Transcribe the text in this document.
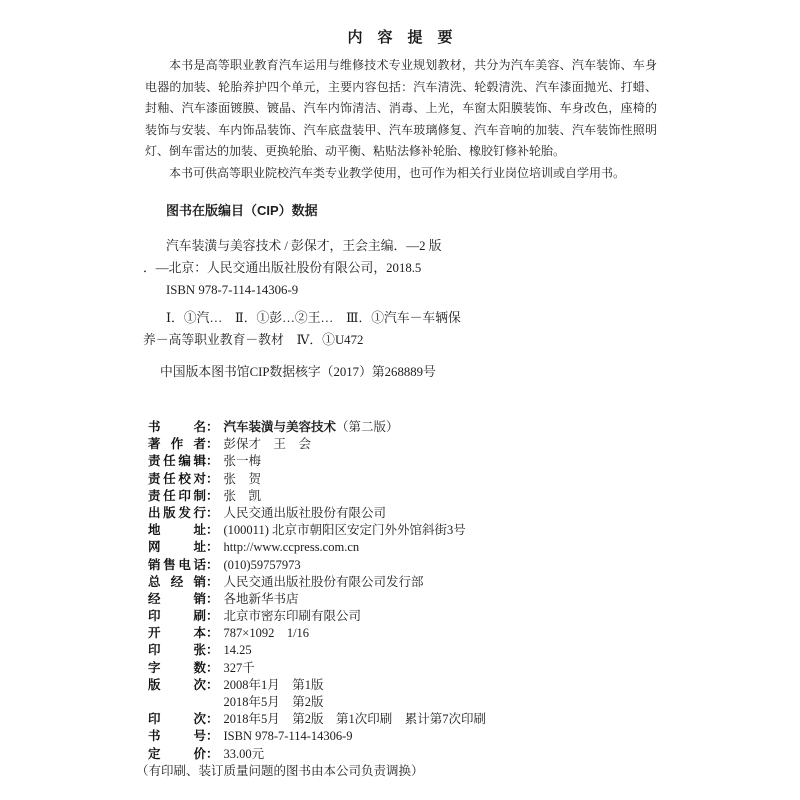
内　容　提　要

本书是高等职业教育汽车运用与维修技术专业规划教材，共分为汽车美容、汽车装饰、车身电器的加装、轮胎养护四个单元，主要内容包括：汽车清洗、轮毂清洗、汽车漆面抛光、打蜡、封釉、汽车漆面镀膜、镀晶、汽车内饰清洁、消毒、上光，车窗太阳膜装饰、车身改色，座椅的装饰与安装、车内饰品装饰、汽车底盘装甲、汽车玻璃修复、汽车音响的加装、汽车装饰性照明灯、倒车雷达的加装、更换轮胎、动平衡、粘贴法修补轮胎、橡胶钉修补轮胎。

本书可供高等职业院校汽车类专业教学使用，也可作为相关行业岗位培训或自学用书。

图书在版编目（CIP）数据
汽车装潢与美容技术 / 彭保才，王会主编．—2 版
．—北京：人民交通出版社股份有限公司，2018.5
ISBN 978-7-114-14306-9
Ⅰ．①汽…　Ⅱ．①彭…②王…　Ⅲ．①汽车－车辆保
养－高等职业教育－教材　Ⅳ．①U472
中国版本图书馆CIP数据核字（2017）第268889号
书名： 汽车装潢与美容技术（第二版）
著作者： 彭保才　王　会
责任编辑： 张一梅
责任校对： 张　贺
责任印制： 张　凯
出版发行： 人民交通出版社股份有限公司
地址： (100011) 北京市朝阳区安定门外外馆斜街3号
网址： http://www.ccpress.com.cn
销售电话： (010)59757973
总经销： 人民交通出版社股份有限公司发行部
经销： 各地新华书店
印刷： 北京市密东印刷有限公司
开本： 787×1092　1/16
印张： 14.25
字数： 327千
版次： 2008年1月　第1版
2018年5月　第2版
印次： 2018年5月　第2版　第1次印刷　累计第7次印刷
书号： ISBN 978-7-114-14306-9
定价： 33.00元
（有印刷、装订质量问题的图书由本公司负责调换）
